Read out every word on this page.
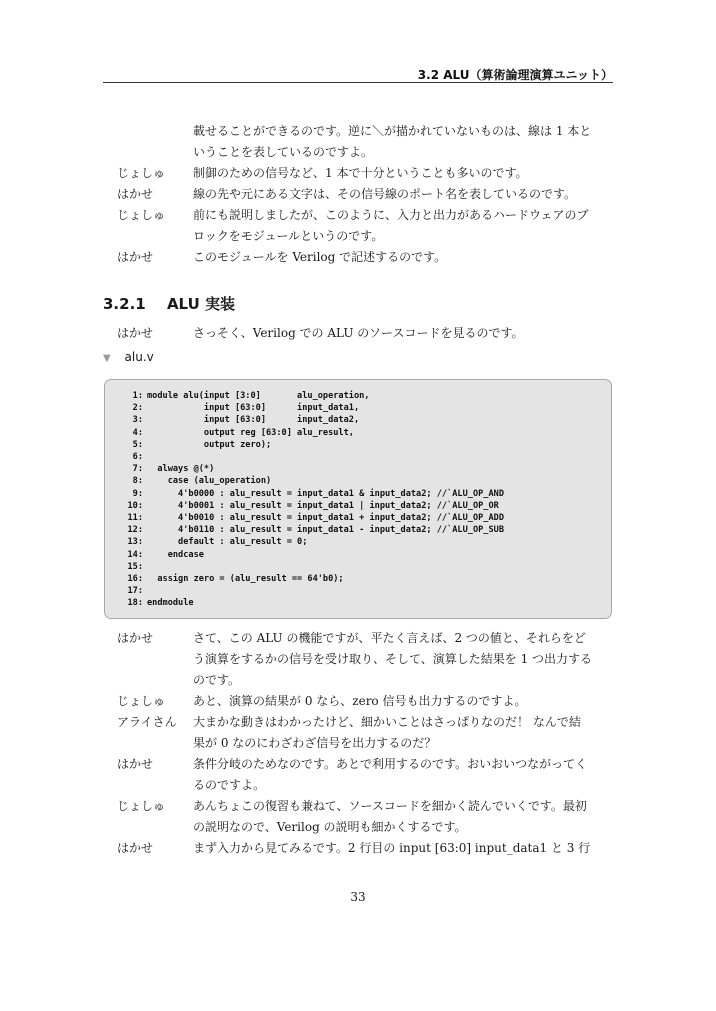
3.2 ALU（算術論理演算ユニット）
載せることができるのです。逆に＼が描かれていないものは、線は 1 本と
いうことを表しているのですよ。
じょしゅ	制御のための信号など、1 本で十分ということも多いのです。
はかせ	線の先や元にある文字は、その信号線のポート名を表しているのです。
じょしゅ	前にも説明しましたが、このように、入力と出力があるハードウェアのブ
ロックをモジュールというのです。
はかせ	このモジュールを Verilog で記述するのです。
3.2.1 ALU 実装
はかせ	さっそく、Verilog での ALU のソースコードを見るのです。
▼ alu.v
1: module alu(input [3:0]       alu_operation,
2:           input [63:0]      input_data1,
3:           input [63:0]      input_data2,
4:           output reg [63:0] alu_result,
5:           output zero);
6:
7:  always @(*)
8:    case (alu_operation)
9:      4'b0000 : alu_result = input_data1 & input_data2; //`ALU_OP_AND
10:      4'b0001 : alu_result = input_data1 | input_data2; //`ALU_OP_OR
11:      4'b0010 : alu_result = input_data1 + input_data2; //`ALU_OP_ADD
12:      4'b0110 : alu_result = input_data1 - input_data2; //`ALU_OP_SUB
13:      default : alu_result = 0;
14:    endcase
15:
16:  assign zero = (alu_result == 64'b0);
17:
18: endmodule
はかせ	さて、この ALU の機能ですが、平たく言えば、2 つの値と、それらをど
う演算をするかの信号を受け取り、そして、演算した結果を 1 つ出力する
のです。
じょしゅ	あと、演算の結果が 0 なら、zero 信号も出力するのですよ。
アライさん	大まかな動きはわかったけど、細かいことはさっぱりなのだ！ なんで結
果が 0 なのにわざわざ信号を出力するのだ？
はかせ	条件分岐のためなのです。あとで利用するのです。おいおいつながってく
るのですよ。
じょしゅ	あんちょこの復習も兼ねて、ソースコードを細かく読んでいくです。最初
の説明なので、Verilog の説明も細かくするです。
はかせ	まず入力から見てみるです。2 行目の input [63:0] input_data1 と 3 行
33
